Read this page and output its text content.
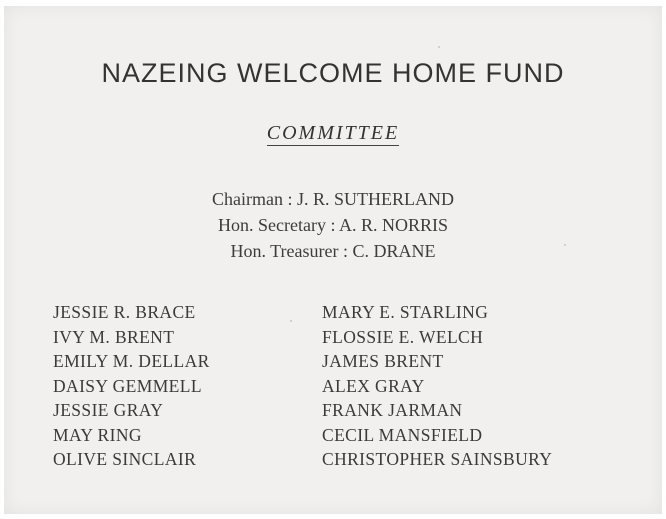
NAZEING WELCOME HOME FUND
COMMITTEE
Chairman : J. R. SUTHERLAND
Hon. Secretary : A. R. NORRIS
Hon. Treasurer : C. DRANE
JESSIE R. BRACE
IVY M. BRENT
EMILY M. DELLAR
DAISY GEMMELL
JESSIE GRAY
MAY RING
OLIVE SINCLAIR
MARY E. STARLING
FLOSSIE E. WELCH
JAMES BRENT
ALEX GRAY
FRANK JARMAN
CECIL MANSFIELD
CHRISTOPHER SAINSBURY
